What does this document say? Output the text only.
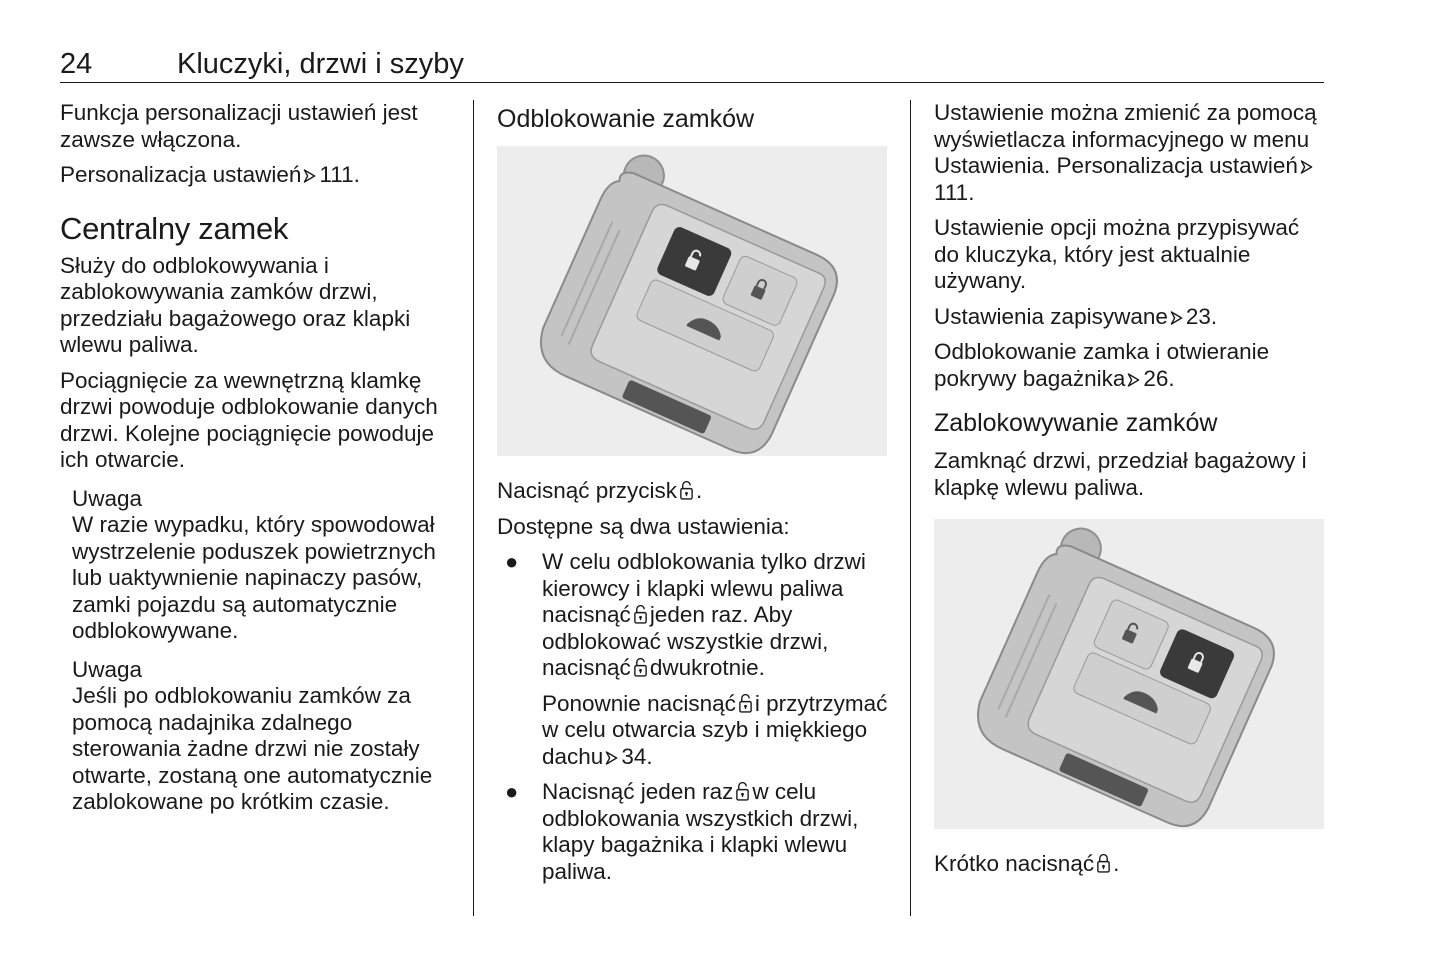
24	Kluczyki, drzwi i szyby

Funkcja personalizacji ustawień jest zawsze włączona.

Personalizacja ustawień 111.

Centralny zamek

Służy do odblokowywania i zablokowywania zamków drzwi, przedziału bagażowego oraz klapki wlewu paliwa.

Pociągnięcie za wewnętrzną klamkę drzwi powoduje odblokowanie danych drzwi. Kolejne pociągnięcie powoduje ich otwarcie.

Uwaga

W razie wypadku, który spowodował wystrzelenie poduszek powietrznych lub uaktywnienie napinaczy pasów, zamki pojazdu są automatycznie odblokowywane.

Uwaga

Jeśli po odblokowaniu zamków za pomocą nadajnika zdalnego sterowania żadne drzwi nie zostały otwarte, zostaną one automatycznie zablokowane po krótkim czasie.

Odblokowanie zamków

Nacisnąć przycisk .

Dostępne są dwa ustawienia:

● W celu odblokowania tylko drzwi kierowcy i klapki wlewu paliwa nacisnąć jeden raz. Aby odblokować wszystkie drzwi, nacisnąć dwukrotnie.

Ponownie nacisnąć i przytrzymać w celu otwarcia szyb i miękkiego dachu 34.

● Nacisnąć jeden raz w celu odblokowania wszystkich drzwi, klapy bagażnika i klapki wlewu paliwa.

Ustawienie można zmienić za pomocą wyświetlacza informacyjnego w menu Ustawienia. Personalizacja ustawień111.

Ustawienie opcji można przypisywać do kluczyka, który jest aktualnie używany.

Ustawienia zapisywane 23.

Odblokowanie zamka i otwieranie pokrywy bagażnika 26.

Zablokowywanie zamków

Zamknąć drzwi, przedział bagażowy i klapkę wlewu paliwa.

Krótko nacisnąć .
